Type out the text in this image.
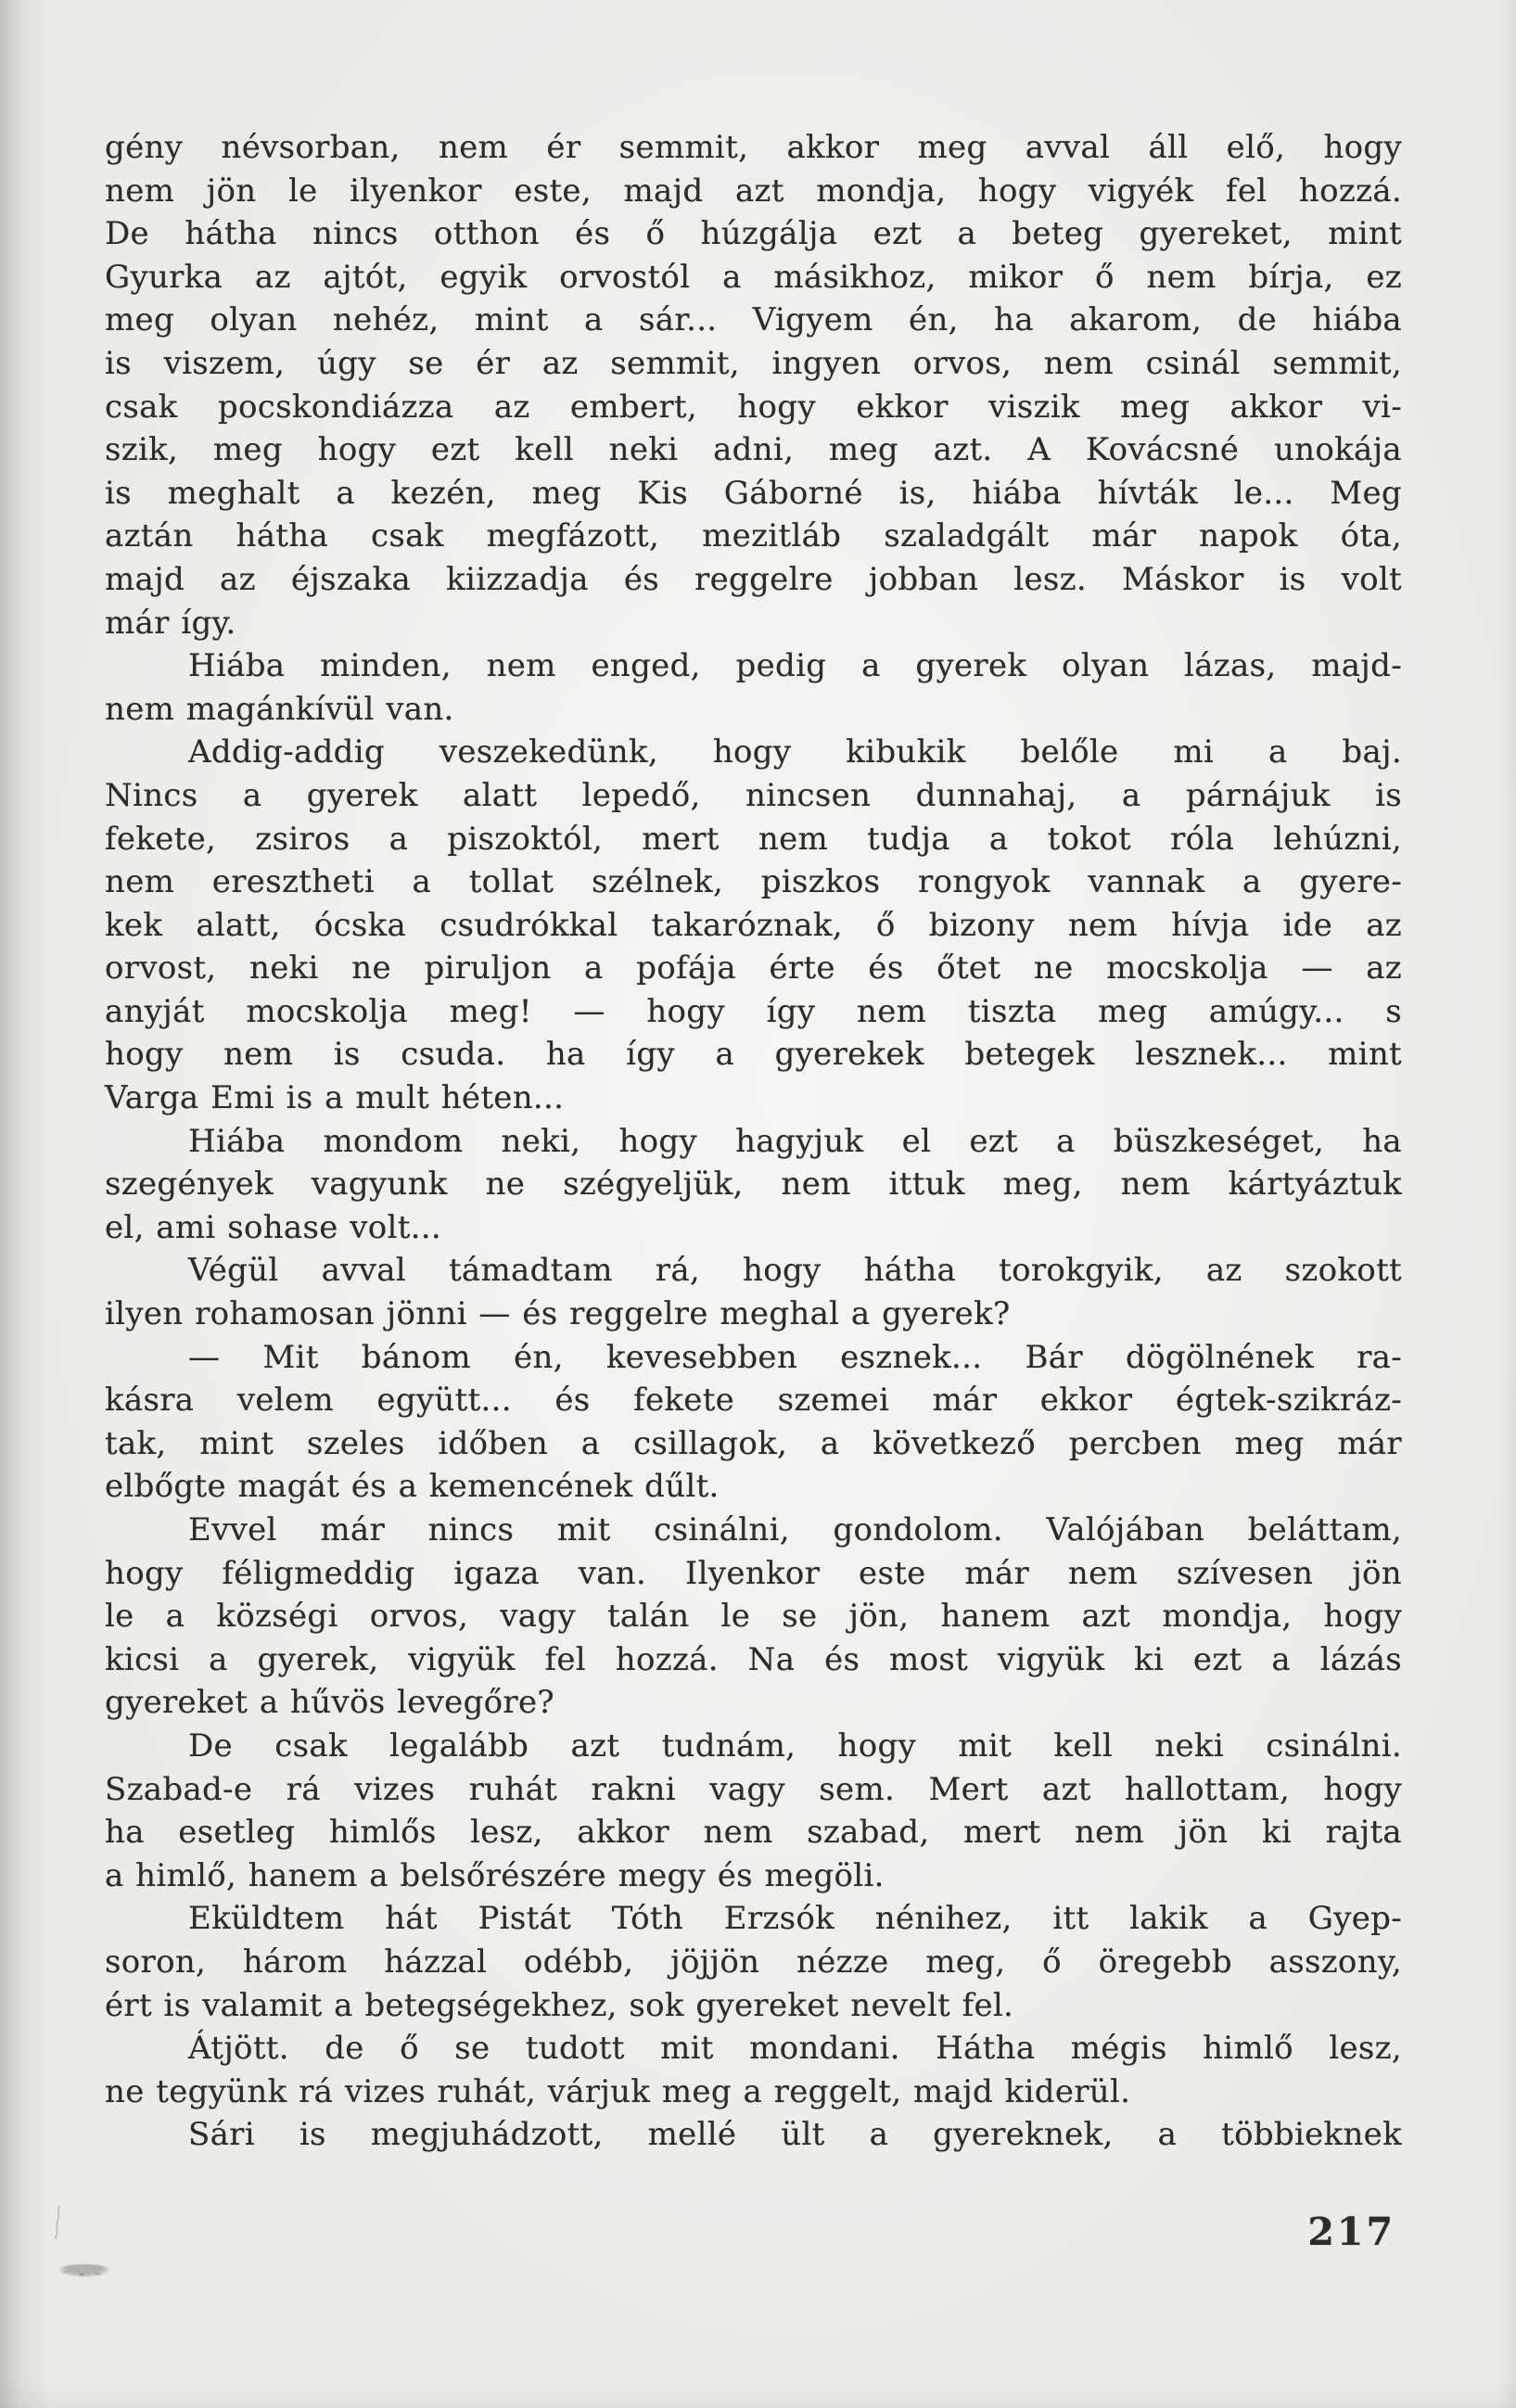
gény névsorban, nem ér semmit, akkor meg avval áll elő, hogy
nem jön le ilyenkor este, majd azt mondja, hogy vigyék fel hozzá.
De hátha nincs otthon és ő húzgálja ezt a beteg gyereket, mint
Gyurka az ajtót, egyik orvostól a másikhoz, mikor ő nem bírja, ez
meg olyan nehéz, mint a sár... Vigyem én, ha akarom, de hiába
is viszem, úgy se ér az semmit, ingyen orvos, nem csinál semmit,
csak pocskondiázza az embert, hogy ekkor viszik meg akkor vi-
szik, meg hogy ezt kell neki adni, meg azt. A Kovácsné unokája
is meghalt a kezén, meg Kis Gáborné is, hiába hívták le... Meg
aztán hátha csak megfázott, mezitláb szaladgált már napok óta,
majd az éjszaka kiizzadja és reggelre jobban lesz. Máskor is volt
már így.
Hiába minden, nem enged, pedig a gyerek olyan lázas, majd-
nem magánkívül van.
Addig-addig veszekedünk, hogy kibukik belőle mi a baj.
Nincs a gyerek alatt lepedő, nincsen dunnahaj, a párnájuk is
fekete, zsiros a piszoktól, mert nem tudja a tokot róla lehúzni,
nem eresztheti a tollat szélnek, piszkos rongyok vannak a gyere-
kek alatt, ócska csudrókkal takaróznak, ő bizony nem hívja ide az
orvost, neki ne piruljon a pofája érte és őtet ne mocskolja — az
anyját mocskolja meg! — hogy így nem tiszta meg amúgy... s
hogy nem is csuda. ha így a gyerekek betegek lesznek... mint
Varga Emi is a mult héten...
Hiába mondom neki, hogy hagyjuk el ezt a büszkeséget, ha
szegények vagyunk ne szégyeljük, nem ittuk meg, nem kártyáztuk
el, ami sohase volt...
Végül avval támadtam rá, hogy hátha torokgyik, az szokott
ilyen rohamosan jönni — és reggelre meghal a gyerek?
— Mit bánom én, kevesebben esznek... Bár dögölnének ra-
kásra velem együtt... és fekete szemei már ekkor égtek-szikráz-
tak, mint szeles időben a csillagok, a következő percben meg már
elbőgte magát és a kemencének dűlt.
Evvel már nincs mit csinálni, gondolom. Valójában beláttam,
hogy féligmeddig igaza van. Ilyenkor este már nem szívesen jön
le a községi orvos, vagy talán le se jön, hanem azt mondja, hogy
kicsi a gyerek, vigyük fel hozzá. Na és most vigyük ki ezt a lázás
gyereket a hűvös levegőre?
De csak legalább azt tudnám, hogy mit kell neki csinálni.
Szabad-e rá vizes ruhát rakni vagy sem. Mert azt hallottam, hogy
ha esetleg himlős lesz, akkor nem szabad, mert nem jön ki rajta
a himlő, hanem a belsőrészére megy és megöli.
Eküldtem hát Pistát Tóth Erzsók nénihez, itt lakik a Gyep-
soron, három házzal odébb, jöjjön nézze meg, ő öregebb asszony,
ért is valamit a betegségekhez, sok gyereket nevelt fel.
Átjött. de ő se tudott mit mondani. Hátha mégis himlő lesz,
ne tegyünk rá vizes ruhát, várjuk meg a reggelt, majd kiderül.
Sári is megjuhádzott, mellé ült a gyereknek, a többieknek
217
